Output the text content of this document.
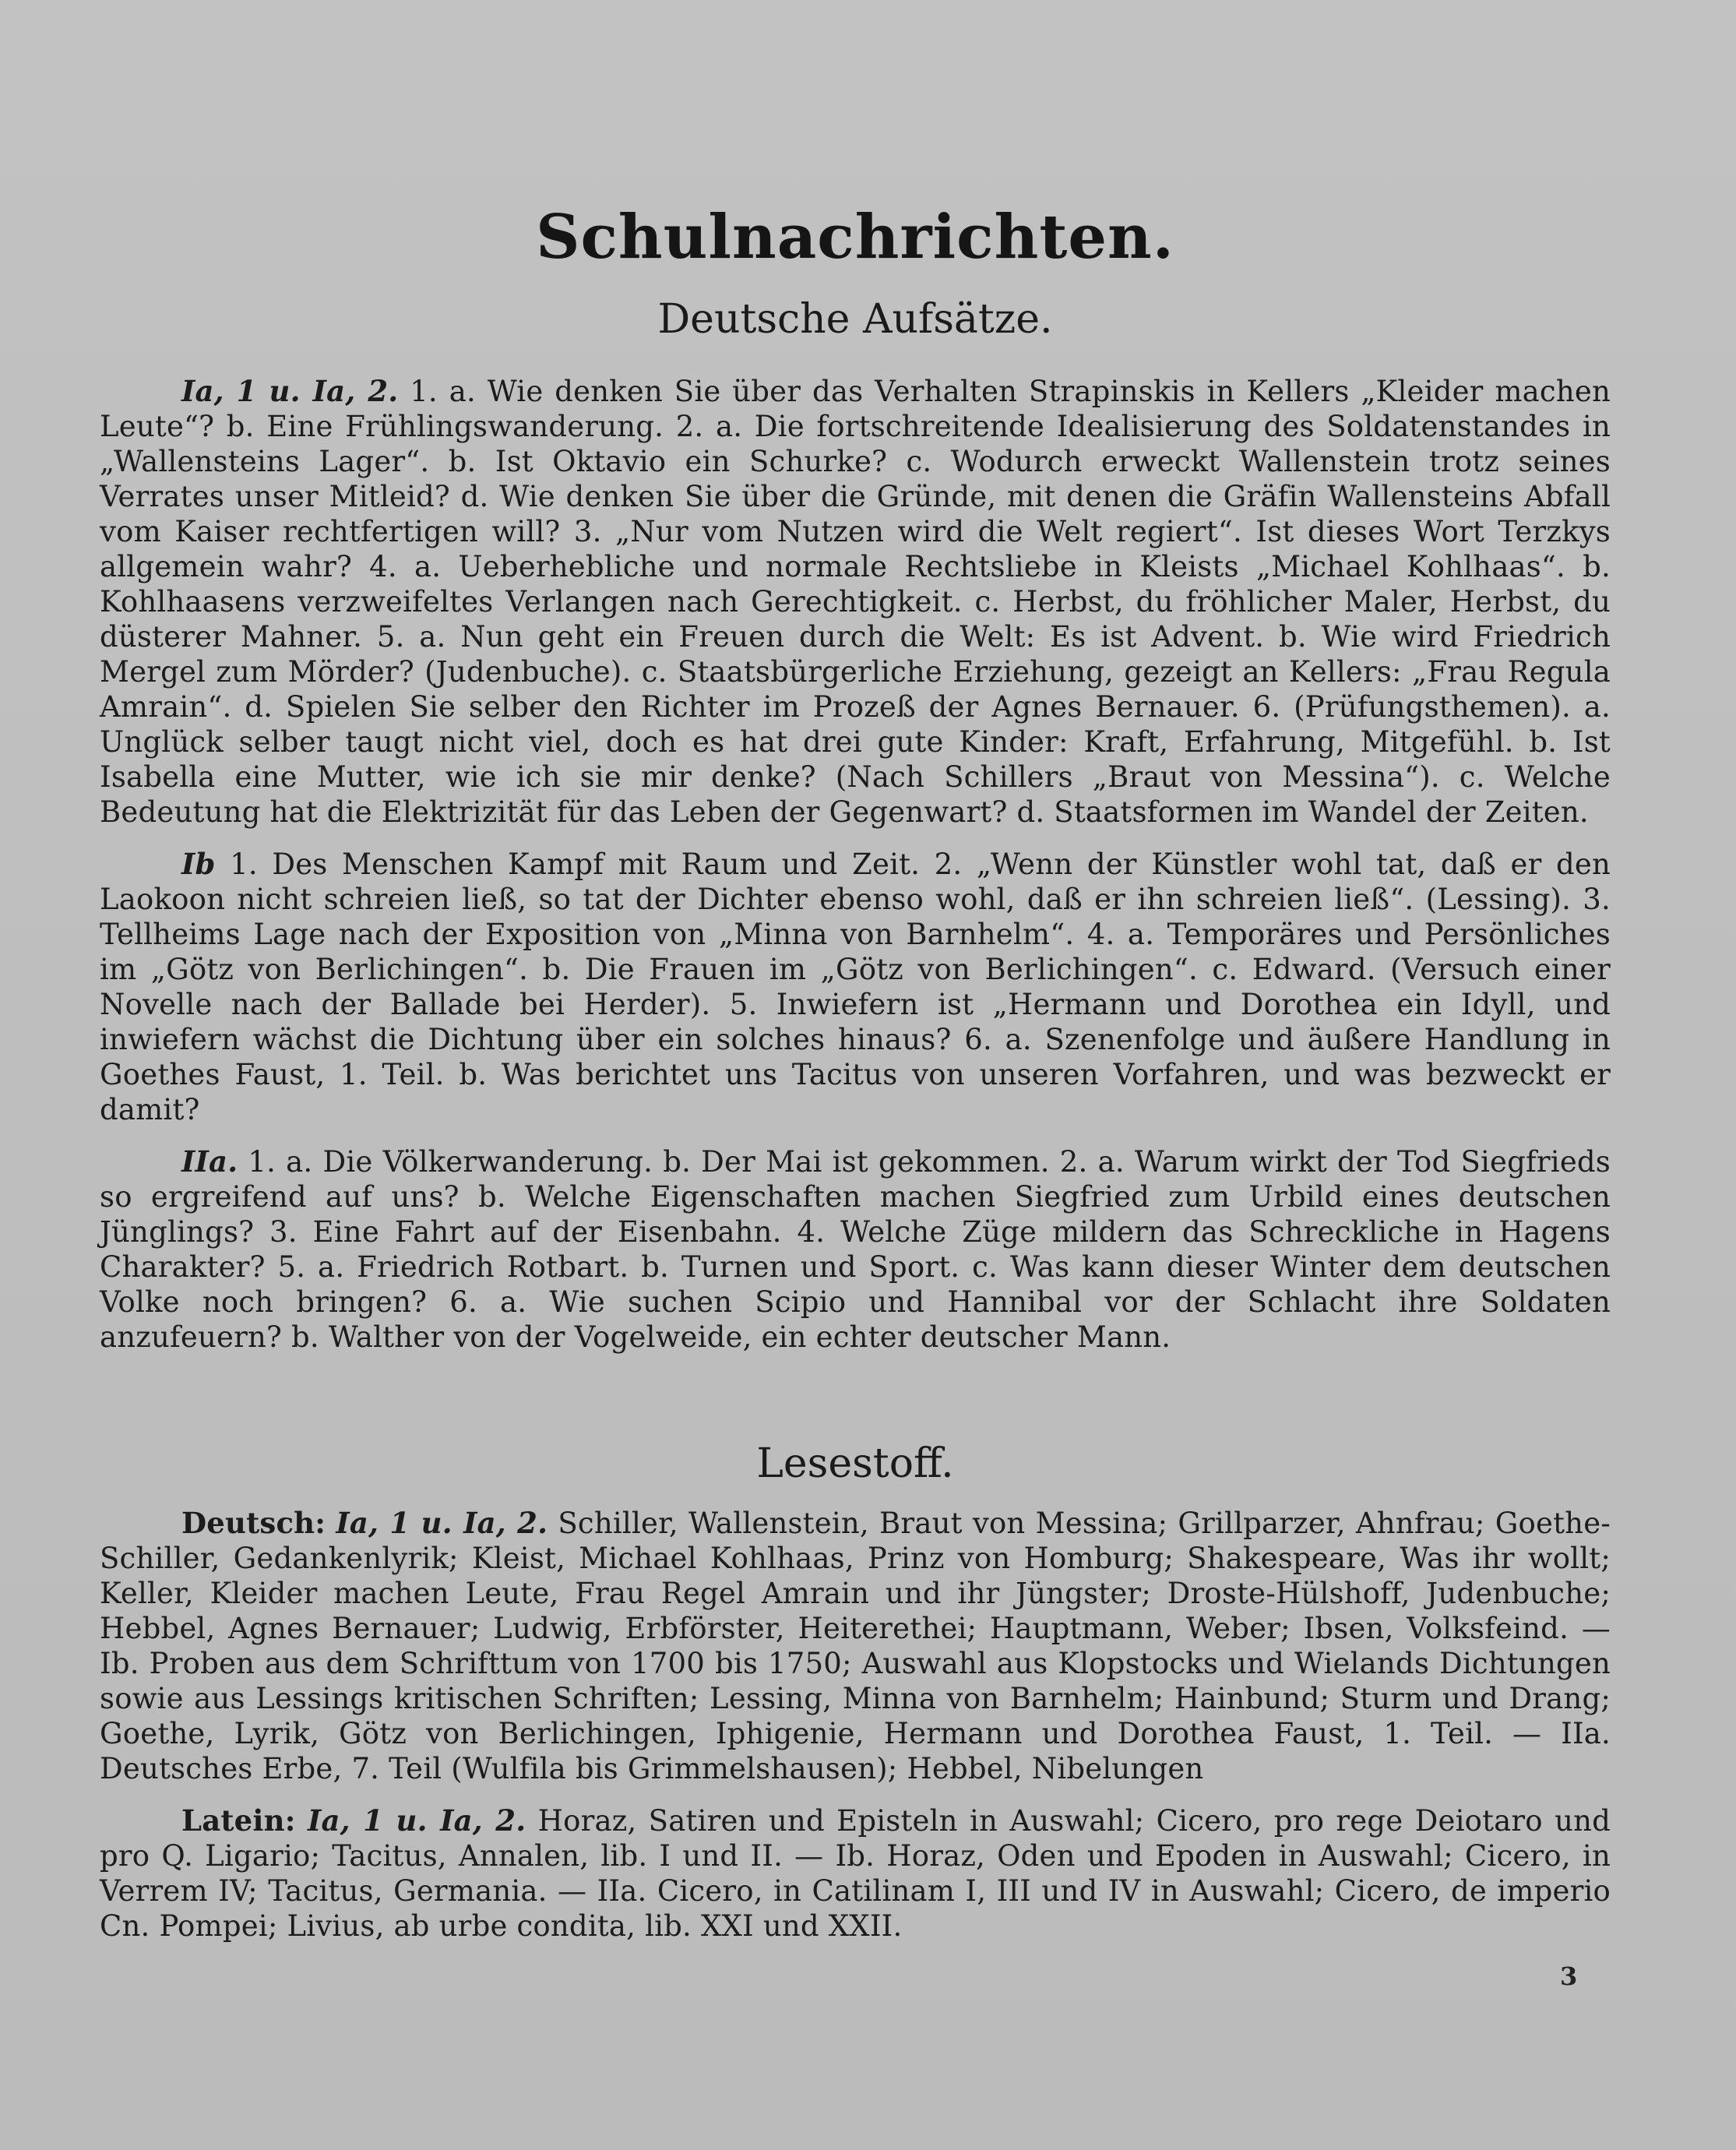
Schulnachrichten.
Deutsche Aufsätze.

Ia, 1 u. Ia, 2. 1. a. Wie denken Sie über das Verhalten Strapinskis in Kellers „Kleider machen Leute“? b. Eine Frühlingswanderung. 2. a. Die fortschreitende Idealisierung des Soldatenstandes in „Wallensteins Lager“. b. Ist Oktavio ein Schurke? c. Wodurch erweckt Wallenstein trotz seines Verrates unser Mitleid? d. Wie denken Sie über die Gründe, mit denen die Gräfin Wallensteins Abfall vom Kaiser rechtfertigen will? 3. „Nur vom Nutzen wird die Welt regiert“. Ist dieses Wort Terzkys allgemein wahr? 4. a. Ueberhebliche und normale Rechtsliebe in Kleists „Michael Kohlhaas“. b. Kohlhaasens verzweifeltes Verlangen nach Gerechtigkeit. c. Herbst, du fröhlicher Maler, Herbst, du düsterer Mahner. 5. a. Nun geht ein Freuen durch die Welt: Es ist Advent. b. Wie wird Friedrich Mergel zum Mörder? (Judenbuche). c. Staatsbürgerliche Erziehung, gezeigt an Kellers: „Frau Regula Amrain“. d. Spielen Sie selber den Richter im Prozeß der Agnes Bernauer. 6. (Prüfungsthemen). a. Unglück selber taugt nicht viel, doch es hat drei gute Kinder: Kraft, Erfahrung, Mitgefühl. b. Ist Isabella eine Mutter, wie ich sie mir denke? (Nach Schillers „Braut von Messina“). c. Welche Bedeutung hat die Elektrizität für das Leben der Gegenwart? d. Staatsformen im Wandel der Zeiten.

Ib 1. Des Menschen Kampf mit Raum und Zeit. 2. „Wenn der Künstler wohl tat, daß er den Laokoon nicht schreien ließ, so tat der Dichter ebenso wohl, daß er ihn schreien ließ“. (Lessing). 3. Tellheims Lage nach der Exposition von „Minna von Barnhelm“. 4. a. Temporäres und Persönliches im „Götz von Berlichingen“. b. Die Frauen im „Götz von Berlichingen“. c. Edward. (Versuch einer Novelle nach der Ballade bei Herder). 5. Inwiefern ist „Hermann und Dorothea ein Idyll, und inwiefern wächst die Dichtung über ein solches hinaus? 6. a. Szenenfolge und äußere Handlung in Goethes Faust, 1. Teil. b. Was berichtet uns Tacitus von unseren Vorfahren, und was bezweckt er damit?

IIa. 1. a. Die Völkerwanderung. b. Der Mai ist gekommen. 2. a. Warum wirkt der Tod Siegfrieds so ergreifend auf uns? b. Welche Eigenschaften machen Siegfried zum Urbild eines deutschen Jünglings? 3. Eine Fahrt auf der Eisenbahn. 4. Welche Züge mildern das Schreckliche in Hagens Charakter? 5. a. Friedrich Rotbart. b. Turnen und Sport. c. Was kann dieser Winter dem deutschen Volke noch bringen? 6. a. Wie suchen Scipio und Hannibal vor der Schlacht ihre Soldaten anzufeuern? b. Walther von der Vogelweide, ein echter deutscher Mann.

Lesestoff.

Deutsch: Ia, 1 u. Ia, 2. Schiller, Wallenstein, Braut von Messina; Grillparzer, Ahnfrau; Goethe-Schiller, Gedankenlyrik; Kleist, Michael Kohlhaas, Prinz von Homburg; Shakespeare, Was ihr wollt; Keller, Kleider machen Leute, Frau Regel Amrain und ihr Jüngster; Droste-Hülshoff, Judenbuche; Hebbel, Agnes Bernauer; Ludwig, Erbförster, Heiterethei; Hauptmann, Weber; Ibsen, Volksfeind. — Ib. Proben aus dem Schrifttum von 1700 bis 1750; Auswahl aus Klopstocks und Wielands Dichtungen sowie aus Lessings kritischen Schriften; Lessing, Minna von Barnhelm; Hainbund; Sturm und Drang; Goethe, Lyrik, Götz von Berlichingen, Iphigenie, Hermann und Dorothea Faust, 1. Teil. — IIa. Deutsches Erbe, 7. Teil (Wulfila bis Grimmelshausen); Hebbel, Nibelungen

Latein: Ia, 1 u. Ia, 2. Horaz, Satiren und Episteln in Auswahl; Cicero, pro rege Deiotaro und pro Q. Ligario; Tacitus, Annalen, lib. I und II. — Ib. Horaz, Oden und Epoden in Auswahl; Cicero, in Verrem IV; Tacitus, Germania. — IIa. Cicero, in Catilinam I, III und IV in Auswahl; Cicero, de imperio Cn. Pompei; Livius, ab urbe condita, lib. XXI und XXII.

3
